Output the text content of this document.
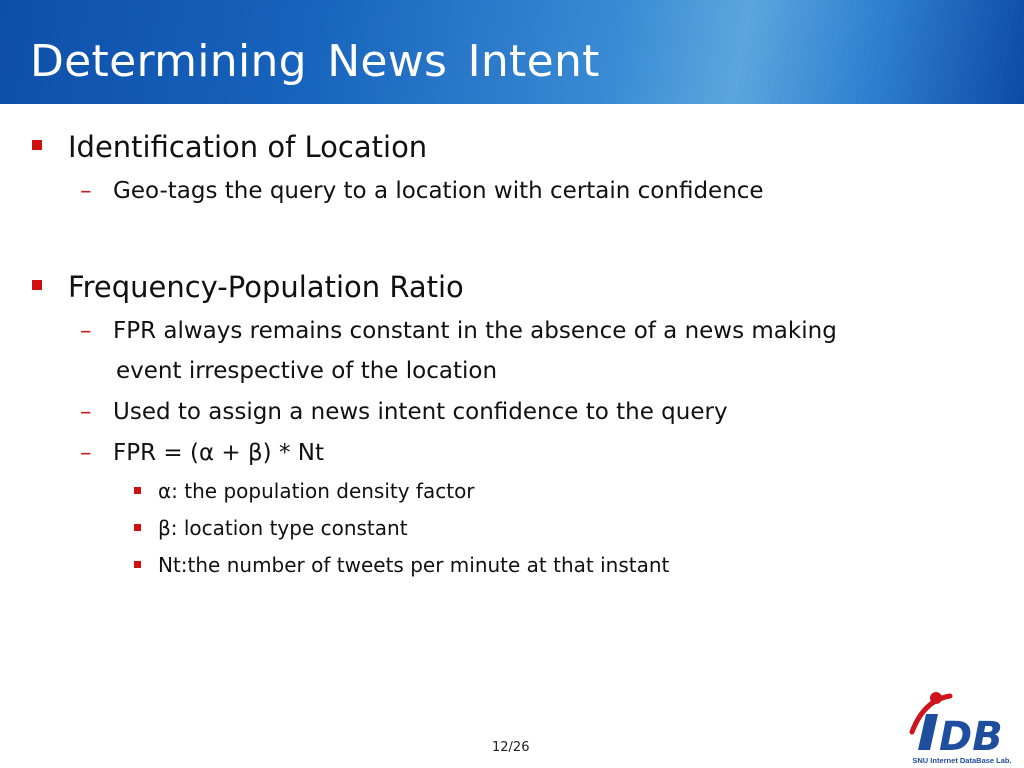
Determining News Intent
Identification of Location
– Geo-tags the query to a location with certain confidence
Frequency-Population Ratio
– FPR always remains constant in the absence of a news making
event irrespective of the location
– Used to assign a news intent confidence to the query
– FPR = (α + β) * Nt
α: the population density factor
β: location type constant
Nt:the number of tweets per minute at that instant
12/26	DB
SNU Internet DataBase Lab.
